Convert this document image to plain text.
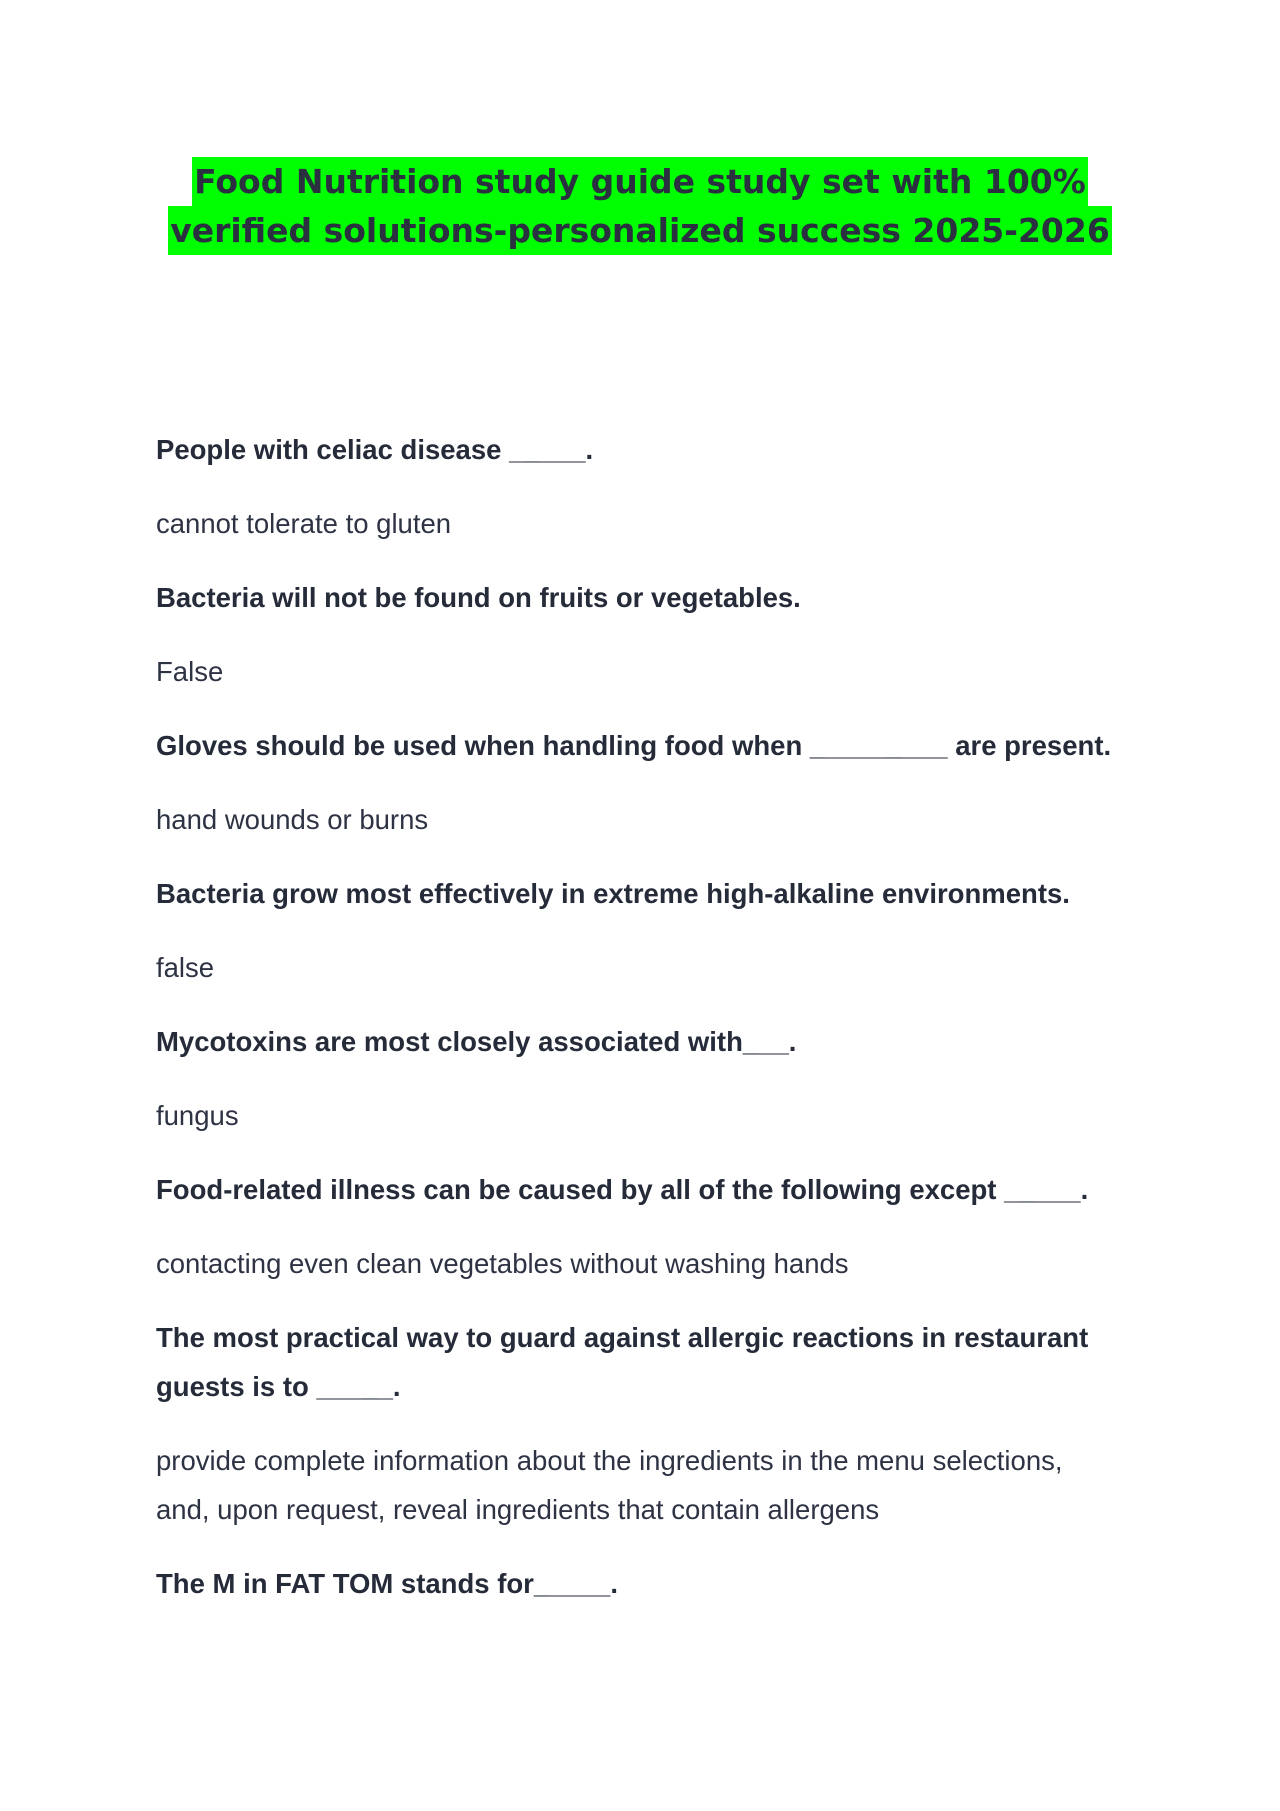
Food Nutrition study guide study set with 100%
verified solutions-personalized success 2025-2026

People with celiac disease _____.

cannot tolerate to gluten

Bacteria will not be found on fruits or vegetables.

False

Gloves should be used when handling food when _________ are present.

hand wounds or burns

Bacteria grow most effectively in extreme high-alkaline environments.

false

Mycotoxins are most closely associated with___.

fungus

Food-related illness can be caused by all of the following except _____.

contacting even clean vegetables without washing hands

The most practical way to guard against allergic reactions in restaurant guests is to _____.

provide complete information about the ingredients in the menu selections, and, upon request, reveal ingredients that contain allergens

The M in FAT TOM stands for_____.
